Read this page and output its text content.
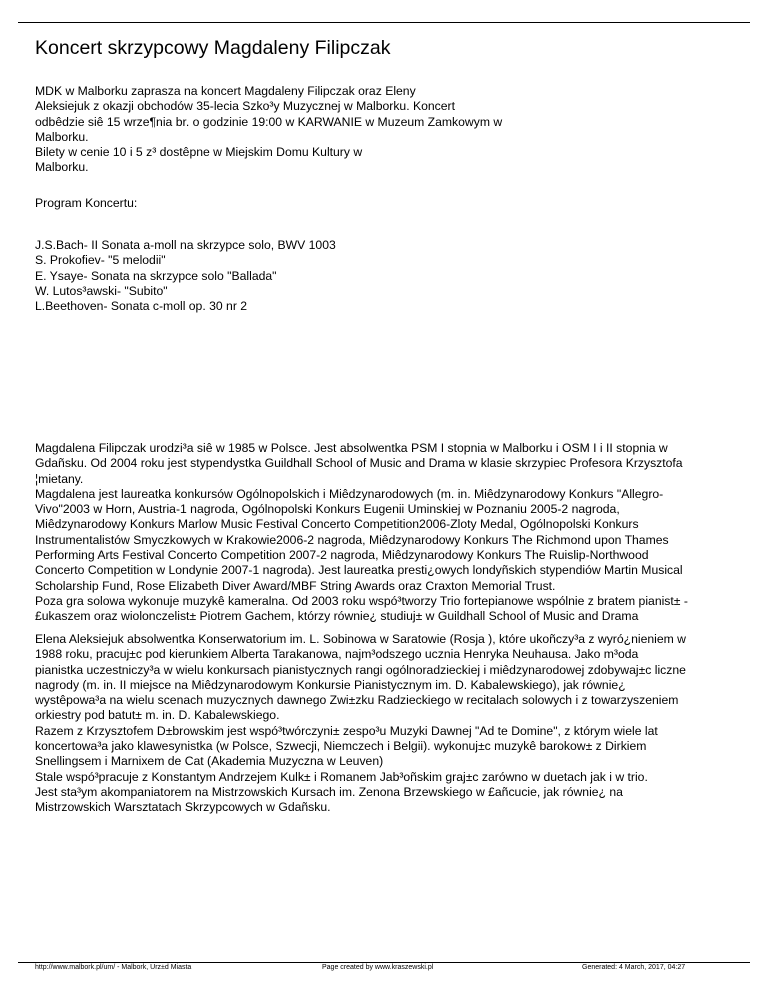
Koncert skrzypcowy Magdaleny Filipczak

MDK w Malborku zaprasza na koncert Magdaleny Filipczak oraz Eleny
Aleksiejuk z okazji obchodów 35-lecia Szko³y Muzycznej w Malborku. Koncert
odbêdzie siê 15 wrze¶nia br. o godzinie 19:00 w KARWANIE w Muzeum Zamkowym w
Malborku.

Bilety w cenie 10 i 5 z³ dostêpne w Miejskim Domu Kultury w
Malborku.

Program Koncertu:

J.S.Bach- II Sonata a-moll na skrzypce solo, BWV 1003

S. Prokofiev- "5 melodii"

E. Ysaye- Sonata na skrzypce solo "Ballada"

W. Lutos³awski- "Subito"

L.Beethoven- Sonata c-moll op. 30 nr 2

Magdalena Filipczak urodzi³a siê w 1985 w Polsce. Jest absolwentka PSM I stopnia w Malborku i OSM I i II stopnia w
Gdañsku. Od 2004 roku jest stypendystka Guildhall School of Music and Drama w klasie skrzypiec Profesora Krzysztofa
¦mietany.

Magdalena jest laureatka konkursów Ogólnopolskich i Miêdzynarodowych (m. in. Miêdzynarodowy Konkurs "Allegro-
Vivo"2003 w Horn, Austria-1 nagroda, Ogólnopolski Konkurs Eugenii Uminskiej w Poznaniu 2005-2 nagroda,
Miêdzynarodowy Konkurs Marlow Music Festival Concerto Competition2006-Zloty Medal, Ogólnopolski Konkurs
Instrumentalistów Smyczkowych w Krakowie2006-2 nagroda, Miêdzynarodowy Konkurs The Richmond upon Thames
Performing Arts Festival Concerto Competition 2007-2 nagroda, Miêdzynarodowy Konkurs The Ruislip-Northwood
Concerto Competition w Londynie 2007-1 nagroda). Jest laureatka presti¿owych londyñskich stypendiów Martin Musical
Scholarship Fund, Rose Elizabeth Diver Award/MBF String Awards oraz Craxton Memorial Trust.

Poza gra solowa wykonuje muzykê kameralna. Od 2003 roku wspó³tworzy Trio fortepianowe wspólnie z bratem pianist± -
£ukaszem oraz wiolonczelist± Piotrem Gachem, którzy równie¿ studiuj± w Guildhall School of Music and Drama

Elena Aleksiejuk absolwentka Konserwatorium im. L. Sobinowa w Saratowie (Rosja ), które ukoñczy³a z wyró¿nieniem w
1988 roku, pracuj±c pod kierunkiem Alberta Tarakanowa, najm³odszego ucznia Henryka Neuhausa. Jako m³oda
pianistka uczestniczy³a w wielu konkursach pianistycznych rangi ogólnoradzieckiej i miêdzynarodowej zdobywaj±c liczne
nagrody (m. in. II miejsce na Miêdzynarodowym Konkursie Pianistycznym im. D. Kabalewskiego), jak równie¿
wystêpowa³a na wielu scenach muzycznych dawnego Zwi±zku Radzieckiego w recitalach solowych i z towarzyszeniem
orkiestry pod batut± m. in. D. Kabalewskiego.

Razem z Krzysztofem D±browskim jest wspó³twórczyni± zespo³u Muzyki Dawnej "Ad te Domine", z którym wiele lat
koncertowa³a jako klawesynistka (w Polsce, Szwecji, Niemczech i Belgii). wykonuj±c muzykê barokow± z Dirkiem
Snellingsem i Marnixem de Cat (Akademia Muzyczna w Leuven)

Stale wspó³pracuje z Konstantym Andrzejem Kulk± i Romanem Jab³oñskim graj±c zarówno w duetach jak i w trio.
Jest sta³ym akompaniatorem na Mistrzowskich Kursach im. Zenona Brzewskiego w £añcucie, jak równie¿ na
Mistrzowskich Warsztatach Skrzypcowych w Gdañsku.

http://www.malbork.pl/um/ - Malbork, Urz±d Miasta	Page created by www.kraszewski.pl	Generated: 4 March, 2017, 04:27
